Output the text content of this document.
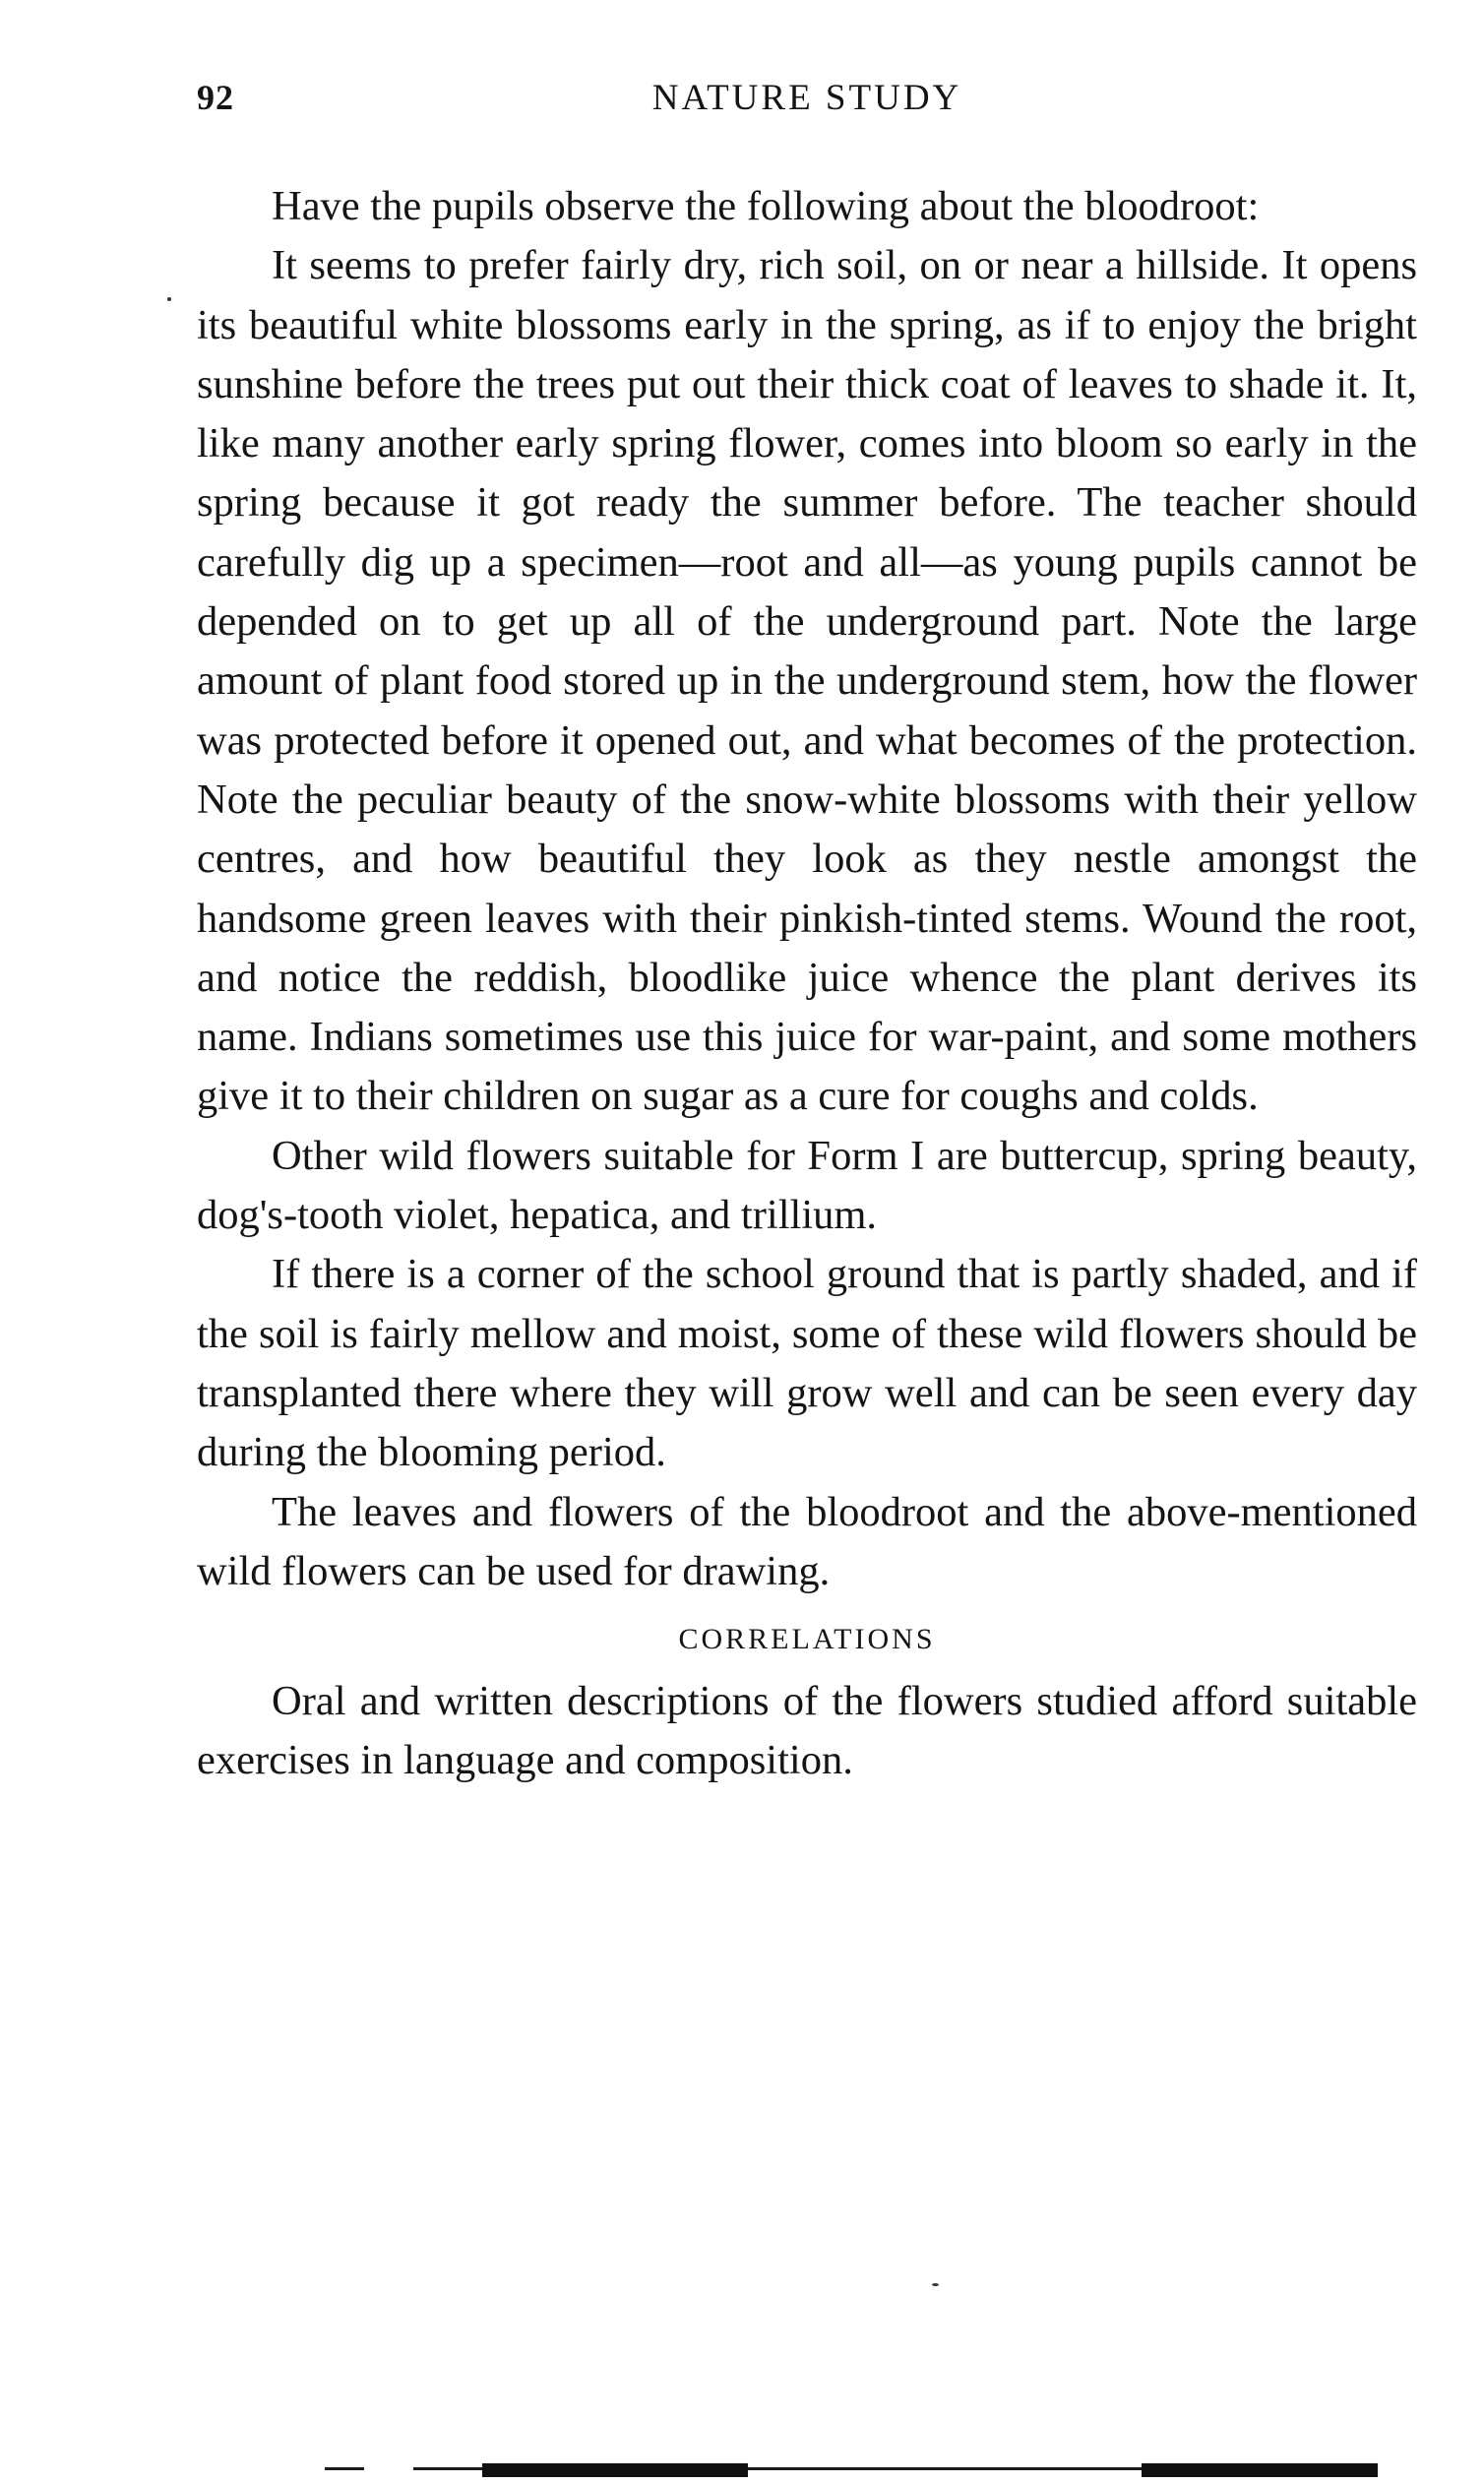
92	NATURE STUDY

Have the pupils observe the following about the bloodroot:

It seems to prefer fairly dry, rich soil, on or near a hillside. It opens its beautiful white blossoms early in the spring, as if to enjoy the bright sunshine before the trees put out their thick coat of leaves to shade it. It, like many another early spring flower, comes into bloom so early in the spring because it got ready the summer before. The teacher should carefully dig up a specimen—root and all—as young pupils cannot be depended on to get up all of the underground part. Note the large amount of plant food stored up in the underground stem, how the flower was protected before it opened out, and what becomes of the protection. Note the peculiar beauty of the snow-white blossoms with their yellow centres, and how beautiful they look as they nestle amongst the handsome green leaves with their pinkish-tinted stems. Wound the root, and notice the reddish, bloodlike juice whence the plant derives its name. Indians sometimes use this juice for war-paint, and some mothers give it to their children on sugar as a cure for coughs and colds.

Other wild flowers suitable for Form I are buttercup, spring beauty, dog's-tooth violet, hepatica, and trillium.

If there is a corner of the school ground that is partly shaded, and if the soil is fairly mellow and moist, some of these wild flowers should be transplanted there where they will grow well and can be seen every day during the blooming period.

The leaves and flowers of the bloodroot and the above-mentioned wild flowers can be used for drawing.

CORRELATIONS

Oral and written descriptions of the flowers studied afford suitable exercises in language and composition.
